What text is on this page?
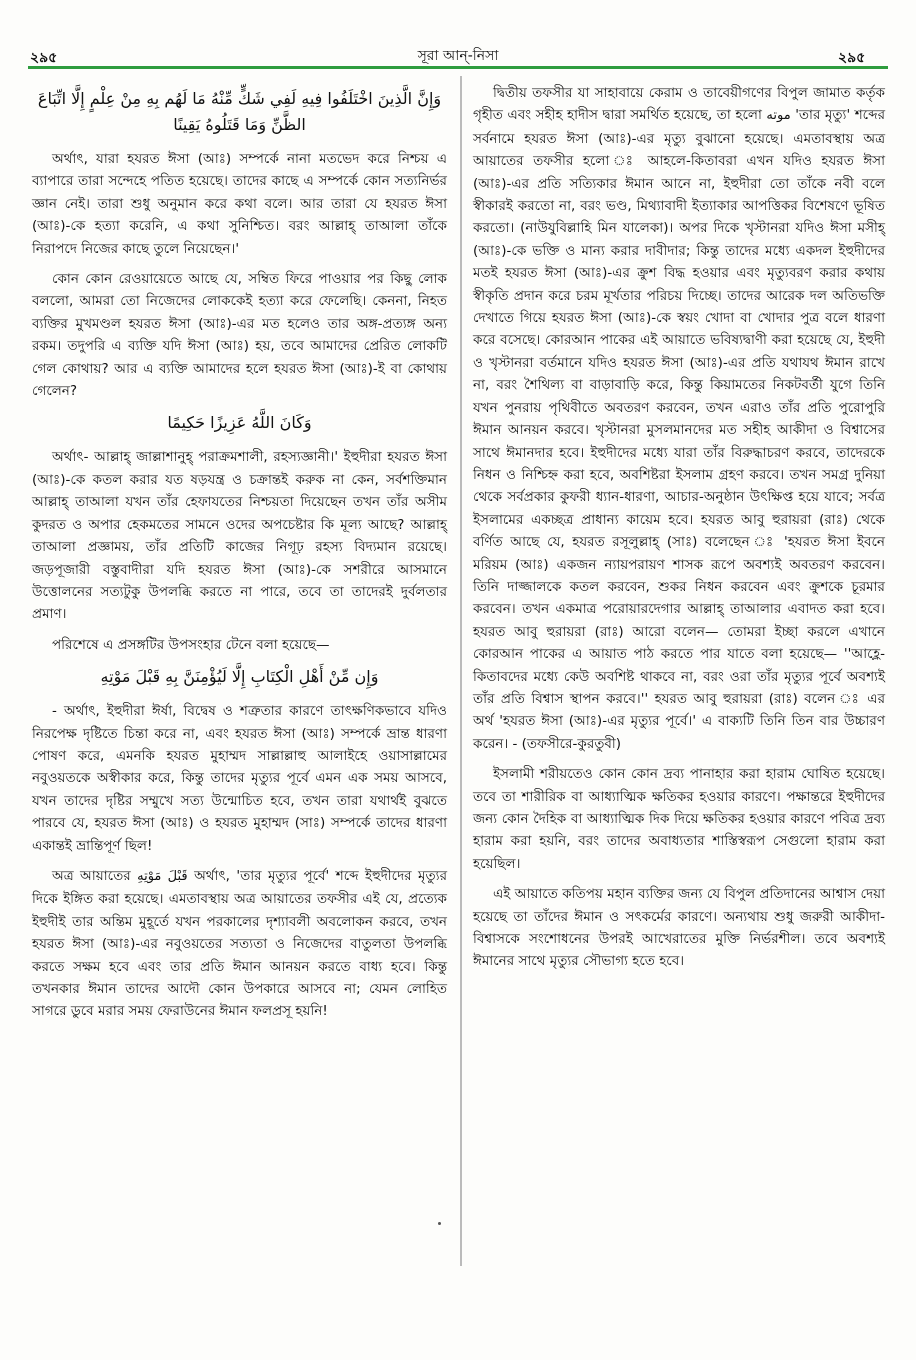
২৯৫	সূরা আন্-নিসা	২৯৫
وَإِنَّ الَّذِينَ اخْتَلَفُوا فِيهِ لَفِي شَكٍّ مِّنْهُ مَا لَهُم بِهِ مِنْ عِلْمٍ إِلَّا اتِّبَاعَ الظَّنِّ وَمَا قَتَلُوهُ يَقِينًا

অর্থাৎ, যারা হযরত ঈসা (আঃ) সম্পর্কে নানা মতভেদ করে নিশ্চয় এ ব্যাপারে তারা সন্দেহে পতিত হয়েছে। তাদের কাছে এ সম্পর্কে কোন সত্যনির্ভর জ্ঞান নেই। তারা শুধু অনুমান করে কথা বলে। আর তারা যে হযরত ঈসা (আঃ)-কে হত্যা করেনি, এ কথা সুনিশ্চিত। বরং আল্লাহ্ তাআলা তাঁকে নিরাপদে নিজের কাছে তুলে নিয়েছেন।'

কোন কোন রেওয়ায়েতে আছে যে, সম্বিত ফিরে পাওয়ার পর কিছু লোক বললো, আমরা তো নিজেদের লোককেই হত্যা করে ফেলেছি। কেননা, নিহত ব্যক্তির মুখমণ্ডল হযরত ঈসা (আঃ)-এর মত হলেও তার অঙ্গ-প্রত্যঙ্গ অন্য রকম। তদুপরি এ ব্যক্তি যদি ঈসা (আঃ) হয়, তবে আমাদের প্রেরিত লোকটি গেল কোথায়? আর এ ব্যক্তি আমাদের হলে হযরত ঈসা (আঃ)-ই বা কোথায় গেলেন?

وَكَانَ اللَّهُ عَزِيزًا حَكِيمًا

অর্থাৎ- আল্লাহ্ জাল্লাশানুহ্ পরাক্রমশালী, রহস্যজ্ঞানী।' ইহুদীরা হযরত ঈসা (আঃ)-কে কতল করার যত ষড়যন্ত্র ও চক্রান্তই করুক না কেন, সর্বশক্তিমান আল্লাহ্ তাআলা যখন তাঁর হেফাযতের নিশ্চয়তা দিয়েছেন তখন তাঁর অসীম কুদরত ও অপার হেকমতের সামনে ওদের অপচেষ্টার কি মূল্য আছে? আল্লাহ্ তাআলা প্রজ্ঞাময়, তাঁর প্রতিটি কাজের নিগূঢ় রহস্য বিদ্যমান রয়েছে। জড়পূজারী বস্তুবাদীরা যদি হযরত ঈসা (আঃ)-কে সশরীরে আসমানে উত্তোলনের সত্যটুকু উপলব্ধি করতে না পারে, তবে তা তাদেরই দুর্বলতার প্রমাণ।

পরিশেষে এ প্রসঙ্গটির উপসংহার টেনে বলা হয়েছে—

وَإِن مِّنْ أَهْلِ الْكِتَابِ إِلَّا لَيُؤْمِنَنَّ بِهِ قَبْلَ مَوْتِهِ

- অর্থাৎ, ইহুদীরা ঈর্ষা, বিদ্বেষ ও শত্রুতার কারণে তাৎক্ষণিকভাবে যদিও নিরপেক্ষ দৃষ্টিতে চিন্তা করে না, এবং হযরত ঈসা (আঃ) সম্পর্কে ভ্রান্ত ধারণা পোষণ করে, এমনকি হযরত মুহাম্মদ সাল্লাল্লাহু আলাইহে ওয়াসাল্লামের নবুওয়তকে অস্বীকার করে, কিন্তু তাদের মৃত্যুর পূর্বে এমন এক সময় আসবে, যখন তাদের দৃষ্টির সম্মুখে সত্য উন্মোচিত হবে, তখন তারা যথার্থই বুঝতে পারবে যে, হযরত ঈসা (আঃ) ও হযরত মুহাম্মদ (সাঃ) সম্পর্কে তাদের ধারণা একান্তই ভ্রান্তিপূর্ণ ছিল!

অত্র আয়াতের قَبْلَ مَوْتِهِ অর্থাৎ, 'তার মৃত্যুর পূর্বে' শব্দে ইহুদীদের মৃত্যুর দিকে ইঙ্গিত করা হয়েছে। এমতাবস্থায় অত্র আয়াতের তফসীর এই যে, প্রত্যেক ইহুদীই তার অন্তিম মুহূর্তে যখন পরকালের দৃশ্যাবলী অবলোকন করবে, তখন হযরত ঈসা (আঃ)-এর নবুওয়তের সত্যতা ও নিজেদের বাতুলতা উপলব্ধি করতে সক্ষম হবে এবং তার প্রতি ঈমান আনয়ন করতে বাধ্য হবে। কিন্তু তখনকার ঈমান তাদের আদৌ কোন উপকারে আসবে না; যেমন লোহিত সাগরে ডুবে মরার সময় ফেরাউনের ঈমান ফলপ্রসূ হয়নি!

দ্বিতীয় তফসীর যা সাহাবায়ে কেরাম ও তাবেয়ীগণের বিপুল জামাত কর্তৃক গৃহীত এবং সহীহ হাদীস দ্বারা সমর্থিত হয়েছে, তা হলো موته 'তার মৃত্যু' শব্দের সর্বনামে হযরত ঈসা (আঃ)-এর মৃত্যু বুঝানো হয়েছে। এমতাবস্থায় অত্র আয়াতের তফসীর হলো ঃ আহলে-কিতাবরা এখন যদিও হযরত ঈসা (আঃ)-এর প্রতি সত্যিকার ঈমান আনে না, ইহুদীরা তো তাঁকে নবী বলে স্বীকারই করতো না, বরং ভণ্ড, মিথ্যাবাদী ইত্যাকার আপত্তিকর বিশেষণে ভূষিত করতো। (নাউযুবিল্লাহি মিন যালেকা)। অপর দিকে খৃস্টানরা যদিও ঈসা মসীহ্ (আঃ)-কে ভক্তি ও মান্য করার দাবীদার; কিন্তু তাদের মধ্যে একদল ইহুদীদের মতই হযরত ঈসা (আঃ)-এর ক্রুশ বিদ্ধ হওয়ার এবং মৃত্যুবরণ করার কথায় স্বীকৃতি প্রদান করে চরম মূর্খতার পরিচয় দিচ্ছে। তাদের আরেক দল অতিভক্তি দেখাতে গিয়ে হযরত ঈসা (আঃ)-কে স্বয়ং খোদা বা খোদার পুত্র বলে ধারণা করে বসেছে। কোরআন পাকের এই আয়াতে ভবিষ্যদ্বাণী করা হয়েছে যে, ইহুদী ও খৃস্টানরা বর্তমানে যদিও হযরত ঈসা (আঃ)-এর প্রতি যথাযথ ঈমান রাখে না, বরং শৈথিল্য বা বাড়াবাড়ি করে, কিন্তু কিয়ামতের নিকটবর্তী যুগে তিনি যখন পুনরায় পৃথিবীতে অবতরণ করবেন, তখন এরাও তাঁর প্রতি পুরোপুরি ঈমান আনয়ন করবে। খৃস্টানরা মুসলমানদের মত সহীহ আকীদা ও বিশ্বাসের সাথে ঈমানদার হবে। ইহুদীদের মধ্যে যারা তাঁর বিরুদ্ধাচরণ করবে, তাদেরকে নিধন ও নিশ্চিহ্ন করা হবে, অবশিষ্টরা ইসলাম গ্রহণ করবে। তখন সমগ্র দুনিয়া থেকে সর্বপ্রকার কুফরী ধ্যান-ধারণা, আচার-অনুষ্ঠান উৎক্ষিপ্ত হয়ে যাবে; সর্বত্র ইসলামের একচ্ছত্র প্রাধান্য কায়েম হবে। হযরত আবু হুরায়রা (রাঃ) থেকে বর্ণিত আছে যে, হযরত রসূলুল্লাহ্ (সাঃ) বলেছেন ঃ 'হযরত ঈসা ইবনে মরিয়ম (আঃ) একজন ন্যায়পরায়ণ শাসক রূপে অবশ্যই অবতরণ করবেন। তিনি দাজ্জালকে কতল করবেন, শুকর নিধন করবেন এবং ক্রুশকে চূরমার করবেন। তখন একমাত্র পরোয়ারদেগার আল্লাহ্ তাআলার এবাদত করা হবে। হযরত আবু হুরায়রা (রাঃ) আরো বলেন— তোমরা ইচ্ছা করলে এখানে কোরআন পাকের এ আয়াত পাঠ করতে পার যাতে বলা হয়েছে— ''আহ্লে-কিতাবদের মধ্যে কেউ অবশিষ্ট থাকবে না, বরং ওরা তাঁর মৃত্যুর পূর্বে অবশ্যই তাঁর প্রতি বিশ্বাস স্থাপন করবে।'' হযরত আবু হুরায়রা (রাঃ) বলেন ঃ এর অর্থ 'হযরত ঈসা (আঃ)-এর মৃত্যুর পূর্বে।' এ বাক্যটি তিনি তিন বার উচ্চারণ করেন। - (তফসীরে-কুরতুবী)

ইসলামী শরীয়তেও কোন কোন দ্রব্য পানাহার করা হারাম ঘোষিত হয়েছে। তবে তা শারীরিক বা আধ্যাত্মিক ক্ষতিকর হওয়ার কারণে। পক্ষান্তরে ইহুদীদের জন্য কোন দৈহিক বা আধ্যাত্মিক দিক দিয়ে ক্ষতিকর হওয়ার কারণে পবিত্র দ্রব্য হারাম করা হয়নি, বরং তাদের অবাধ্যতার শাস্তিস্বরূপ সেগুলো হারাম করা হয়েছিল।

এই আয়াতে কতিপয় মহান ব্যক্তির জন্য যে বিপুল প্রতিদানের আশ্বাস দেয়া হয়েছে তা তাঁদের ঈমান ও সৎকর্মের কারণে। অন্যথায় শুধু জরুরী আকীদা-বিশ্বাসকে সংশোধনের উপরই আখেরাতের মুক্তি নির্ভরশীল। তবে অবশ্যই ঈমানের সাথে মৃত্যুর সৌভাগ্য হতে হবে।
